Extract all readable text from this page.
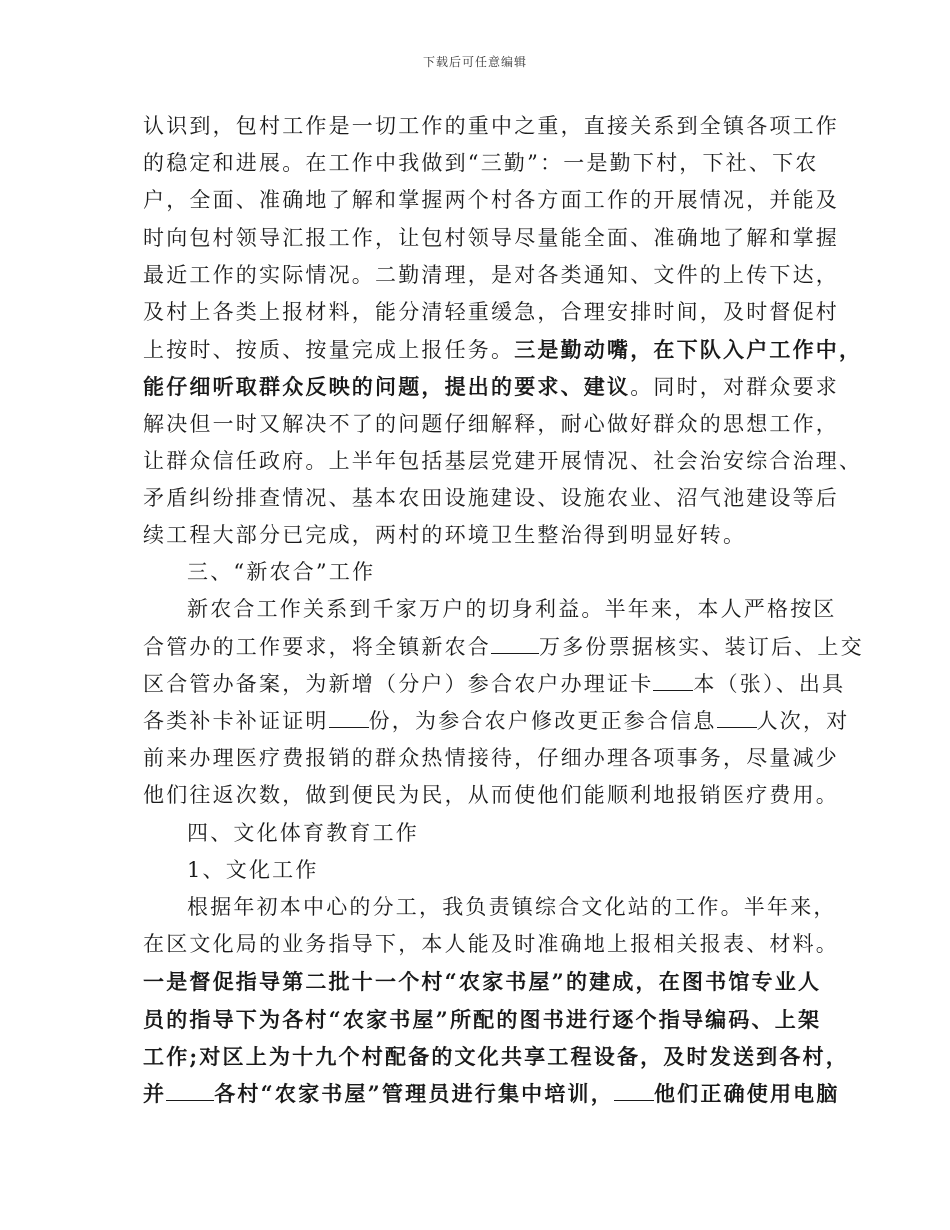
下载后可任意编辑
认识到，包村工作是一切工作的重中之重，直接关系到全镇各项工作
的稳定和进展。在工作中我做到“三勤”：一是勤下村，下社、下农
户，全面、准确地了解和掌握两个村各方面工作的开展情况，并能及
时向包村领导汇报工作，让包村领导尽量能全面、准确地了解和掌握
最近工作的实际情况。二勤清理，是对各类通知、文件的上传下达，
及村上各类上报材料，能分清轻重缓急，合理安排时间，及时督促村
上按时、按质、按量完成上报任务。三是勤动嘴，在下队入户工作中，
能仔细听取群众反映的问题，提出的要求、建议。同时，对群众要求
解决但一时又解决不了的问题仔细解释，耐心做好群众的思想工作，
让群众信任政府。上半年包括基层党建开展情况、社会治安综合治理、
矛盾纠纷排查情况、基本农田设施建设、设施农业、沼气池建设等后
续工程大部分已完成，两村的环境卫生整治得到明显好转。
三、“新农合”工作
新农合工作关系到千家万户的切身利益。半年来，本人严格按区
合管办的工作要求，将全镇新农合 万多份票据核实、装订后、上交
区合管办备案，为新增（分户）参合农户办理证卡 本（张）、出具
各类补卡补证证明 份，为参合农户修改更正参合信息 人次，对
前来办理医疗费报销的群众热情接待，仔细办理各项事务，尽量减少
他们往返次数，做到便民为民，从而使他们能顺利地报销医疗费用。
四、文化体育教育工作
1、文化工作
根据年初本中心的分工，我负责镇综合文化站的工作。半年来，
在区文化局的业务指导下，本人能及时准确地上报相关报表、材料。
一是督促指导第二批十一个村“农家书屋”的建成，在图书馆专业人
员的指导下为各村“农家书屋”所配的图书进行逐个指导编码、上架
工作;对区上为十九个村配备的文化共享工程设备，及时发送到各村，
并 各村“农家书屋”管理员进行集中培训， 他们正确使用电脑
